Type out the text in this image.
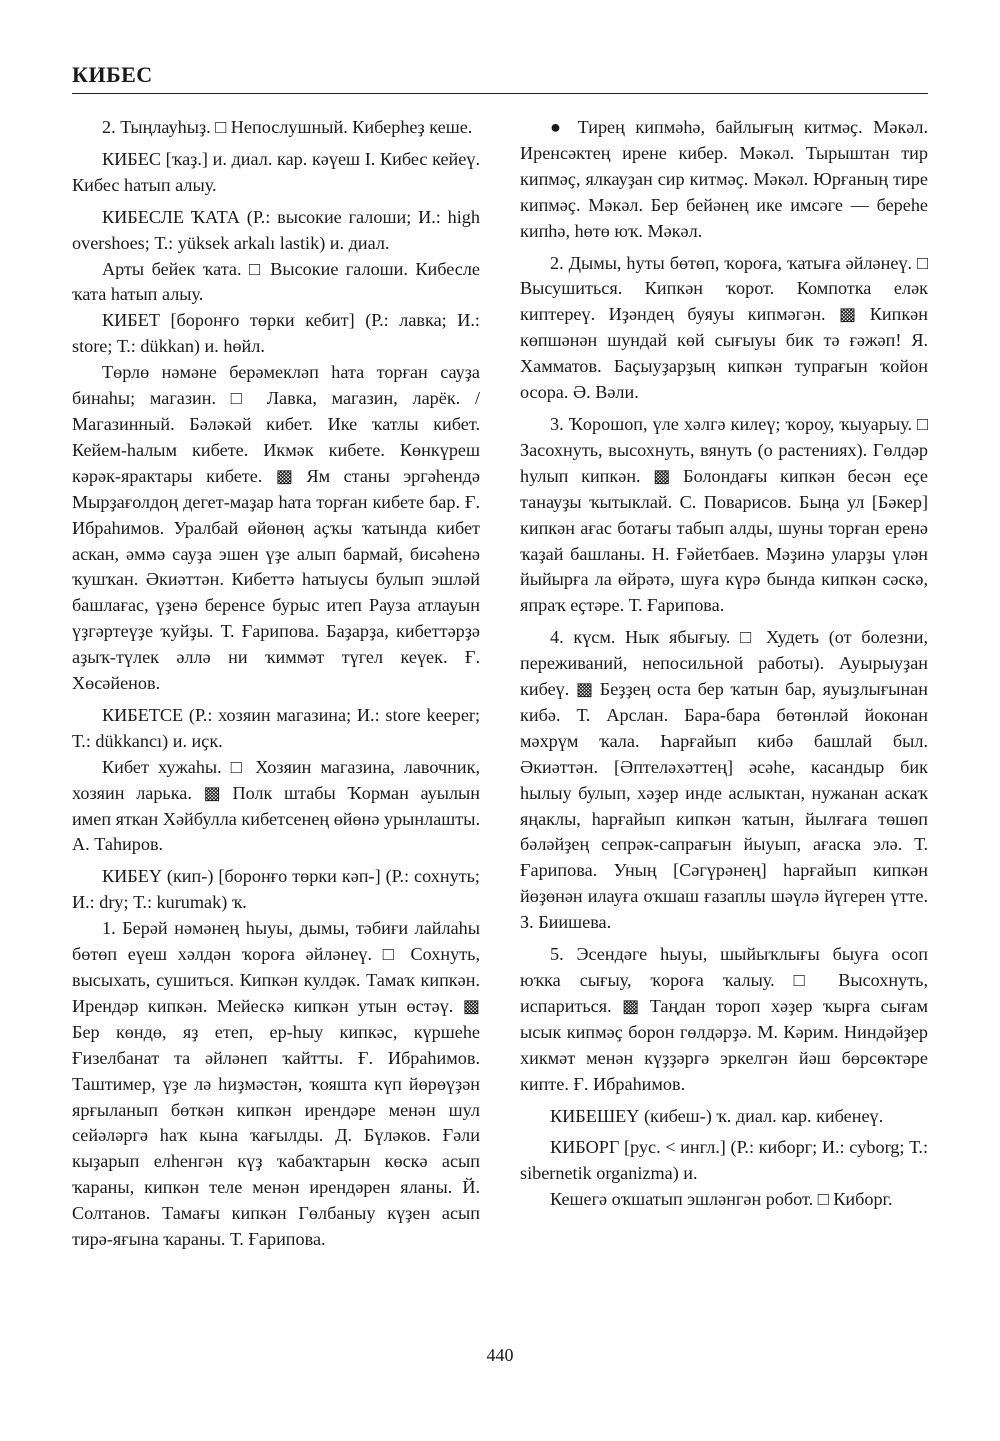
КИБЕС

2. Тыңлауһыҙ. □ Непослушный. Киберһеҙ кеше.

КИБЕС [ҡаҙ.] и. диал. кар. кәүеш I. Кибес кейеү. Кибес һатып алыу.

КИБЕСЛЕ ҠАТА (Р.: высокие галоши; И.: high overshoes; Т.: yüksek arkalı lastik) и. диал.

Арты бейек ҡата. □ Высокие галоши. Кибесле ҡата һатып алыу.

КИБЕТ [боронғо төрки кебит] (Р.: лавка; И.: store; Т.: dükkan) и. һөйл.

Төрлө нәмәне берәмекләп һата торған сауҙа бинаһы; магазин. □ Лавка, магазин, ларёк. / Магазинный. Бәләкәй кибет. Ике ҡатлы кибет. Кейем-һалым кибете. Икмәк кибете. Көнкүреш кәрәк-ярактары кибете. ▩ Ям станы эргәһендә Мырҙағолдоң дегет-маҙар һата торған кибете бар. Ғ. Ибраһимов. Уралбай өйөнөң аҫҡы ҡатында кибет аскан, әммә сауҙа эшен үҙе алып бармай, бисәһенә ҡушҡан. Әкиәттән. Кибеттә һатыусы булып эшләй башлағас, үҙенә беренсе бурыс итеп Рауза атлауын үҙгәртеүҙе ҡуйҙы. Т. Ғарипова. Баҙарҙа, кибеттәрҙә аҙыҡ-түлек әллә ни ҡиммәт түгел кеүек. Ғ. Хөсәйенов.

КИБЕТСЕ (Р.: хозяин магазина; И.: store keeper; Т.: dükkancı) и. иҫк.

Кибет хужаһы. □ Хозяин магазина, лавочник, хозяин ларька. ▩ Полк штабы Ҡорман ауылын имеп яткан Хәйбулла кибетсенең өйөнә урынлашты. А. Таһиров.

КИБЕҮ (кип-) [боронғо төрки кәп-] (Р.: сохнуть; И.: dry; Т.: kurumak) ҡ.

1. Берәй нәмәнең һыуы, дымы, тәбиғи лайлаһы бөтөп еүеш хәлдән ҡороға әйләнеү. □ Сохнуть, высыхать, сушиться. Кипкән кулдәк. Тамаҡ кипкән. Ирендәр кипкән. Мейескә кипкән утын өстәү. ▩ Бер көндө, яҙ етеп, ер-һыу кипкәс, күршеһе Ғизелбанат та әйләнеп ҡайтты. Ғ. Ибраһимов. Таштимер, үҙе лә һиҙмәстән, ҡояшта күп йөрөүҙән ярғыланып бөткән кипкән ирендәре менән шул сейәләргә һаҡ кына ҡағылды. Д. Бүләков. Ғәли кыҙарып елһенгән күҙ ҡабаҡтарын көскә асып ҡараны, кипкән теле менән ирендәрен яланы. Й. Солтанов. Тамағы кипкән Гөлбаныу күҙен асып тирә-яғына ҡараны. Т. Ғарипова.

● Тирең кипмәһә, байлығың китмәҫ. Мәкәл. Иренсәктең ирене кибер. Мәкәл. Тырыштан тир кипмәҫ, ялкауҙан сир китмәҫ. Мәкәл. Юрғаның тире кипмәҫ. Мәкәл. Бер бейәнең ике имсәге — береһе кипһә, һөтө юҡ. Мәкәл.

2. Дымы, һуты бөтөп, ҡороға, ҡатыға әйләнеү. □ Высушиться. Кипкән ҡорот. Компотка еләк киптереү. Иҙәндең буяуы кипмәгән. ▩ Кипкән көпшәнән шундай көй сығыуы бик тә ғәжәп! Я. Хамматов. Баҫыуҙарҙың кипкән тупрағын ҡойон осора. Ә. Вәли.

3. Ҡорошоп, үле хәлгә килеү; ҡороу, ҡыуарыу. □ Засохнуть, высохнуть, вянуть (о растениях). Гөлдәр һулып кипкән. ▩ Болондағы кипкән бесән еҫе танауҙы ҡытыклай. С. Поварисов. Быңа ул [Бәкер] кипкән ағас ботағы табып алды, шуны торған еренә ҡаҙай башланы. Н. Ғәйетбаев. Мәҙинә уларҙы үлән йыйырға ла өйрәтә, шуға күрә бында кипкән сәскә, япраҡ еҫтәре. Т. Ғарипова.

4. күсм. Нык ябығыу. □ Худеть (от болезни, переживаний, непосильной работы). Ауырыуҙан кибеү. ▩ Беҙҙең оста бер ҡатын бар, яуыҙлығынан кибә. Т. Арслан. Бара-бара бөтөнләй йоконан мәхрүм ҡала. Һарғайып кибә башлай был. Әкиәттән. [Әптеләхәттең] әсәһе, касандыр бик һылыу булып, хәҙер инде аслыктан, нужанан аскаҡ яңаклы, һарғайып кипкән ҡатын, йылғаға төшөп бәләйҙең сепрәк-сапрағын йыуып, ағаска элә. Т. Ғарипова. Уның [Сәгүрәнең] һарғайып кипкән йөҙөнән илауға оҡшаш ғазаплы шәүлә йүгерен үтте. З. Биишева.

5. Эсендәге һыуы, шыйыҡлығы быуға осоп юҡка сығыу, ҡороға ҡалыу. □ Высохнуть, испариться. ▩ Таңдан тороп хәҙер ҡырға сығам ысык кипмәҫ борон гөлдәрҙә. М. Кәрим. Ниндәйҙер хикмәт менән күҙҙәргә эркелгән йәш бөрсөктәре кипте. Ғ. Ибраһимов.

КИБЕШЕҮ (кибеш-) ҡ. диал. кар. кибенеү.

КИБОРГ [рус. < ингл.] (Р.: киборг; И.: cyborg; Т.: sibernetik organizma) и.

Кешегә оҡшатып эшләнгән робот. □ Киборг.

440
